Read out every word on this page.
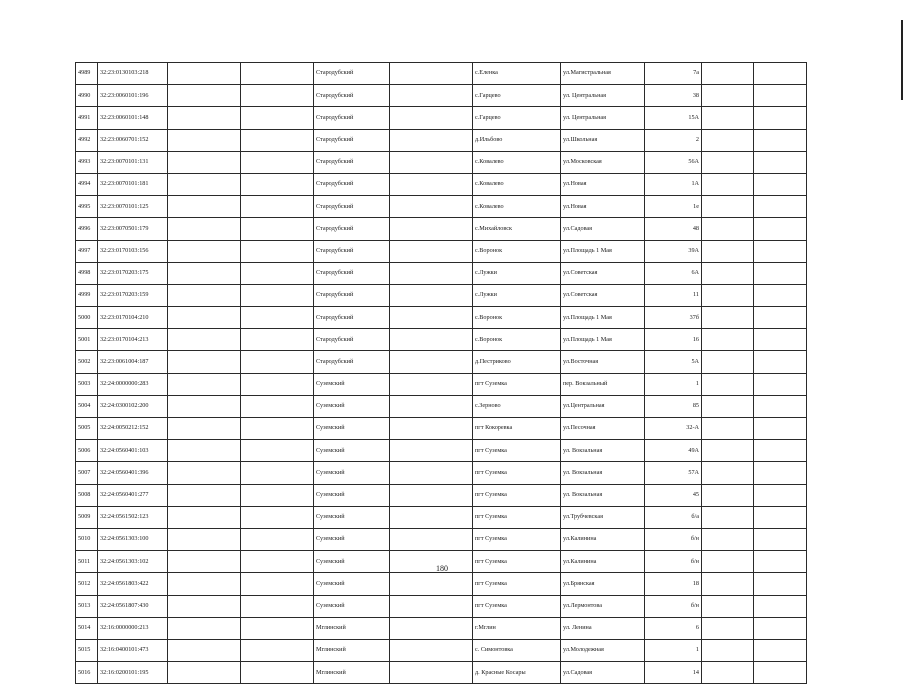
4989	32:23:0130103:218			Стародубский		с.Еленка	ул.Магистральная	7а		
4990	32:23:0060101:196			Стародубский		с.Гарцево	ул. Центральная	38		
4991	32:23:0060101:148			Стародубский		с.Гарцево	ул. Центральная	15А		
4992	32:23:0060701:152			Стародубский		д.Ильбово	ул.Школьная	2		
4993	32:23:0070101:131			Стародубский		с.Ковалево	ул.Московская	56А		
4994	32:23:0070101:181			Стародубский		с.Ковалево	ул.Новая	1А		
4995	32:23:0070101:125			Стародубский		с.Ковалево	ул.Новая	1е		
4996	32:23:0070501:179			Стародубский		с.Михайловск	ул.Садовая	48		
4997	32:23:0170103:156			Стародубский		с.Воронок	ул.Площадь 1 Мая	39А		
4998	32:23:0170203:175			Стародубский		с.Лужки	ул.Советская	6А		
4999	32:23:0170203:159			Стародубский		с.Лужки	ул.Советская	11		
5000	32:23:0170104:210			Стародубский		с.Воронок	ул.Площадь 1 Мая	37б		
5001	32:23:0170104:213			Стародубский		с.Воронок	ул.Площадь 1 Мая	16		
5002	32:23:0061004:187			Стародубский		д.Пестриково	ул.Восточная	5А		
5003	32:24:0000000:283			Суземский		пгт Суземка	пер. Вокзальный	1		
5004	32:24:0300102:200			Суземский		с.Зерново	ул.Центральная	85		
5005	32:24:0050212:152			Суземский		пгт Кокоревка	ул.Песочная	32-А		
5006	32:24:0560401:103			Суземский		пгт Суземка	ул. Вокзальная	49А		
5007	32:24:0560401:396			Суземский		пгт Суземка	ул. Вокзальная	57А		
5008	32:24:0560401:277			Суземский		пгт Суземка	ул. Вокзальная	45		
5009	32:24:0561502:123			Суземский		пгт Суземка	ул.Трубчевская	б/а		
5010	32:24:0561303:100			Суземский		пгт Суземка	ул.Калинина	б/н		
5011	32:24:0561303:102			Суземский		пгт Суземка	ул.Калинина	б/н		
5012	32:24:0561803:422			Суземский		пгт Суземка	ул.Брянская	18		
5013	32:24:0561807:430			Суземский		пгт Суземка	ул.Лермонтова	б/н		
5014	32:16:0000000:213			Мглинский		г.Мглин	ул. Ленина	6		
5015	32:16:0400101:473			Мглинский		с. Симонтовка	ул.Молодежная	1		
5016	32:16:0200101:195			Мглинский		д. Красные Косары	ул.Садовая	14		
180
